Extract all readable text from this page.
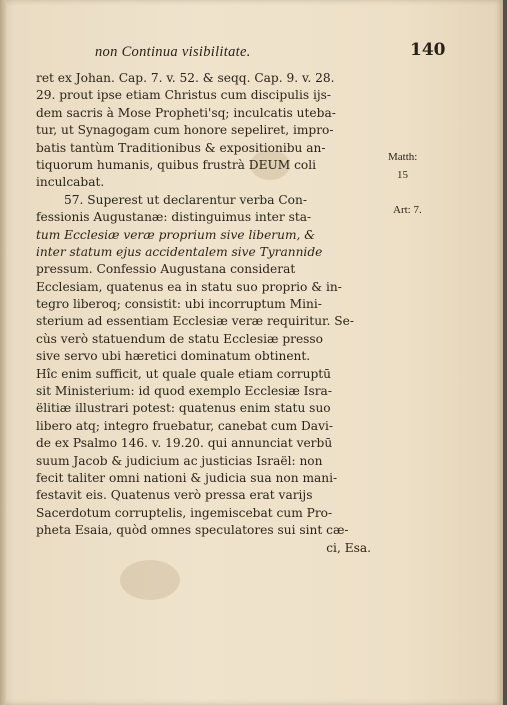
non Continua visibilitate.	140
ret ex Johan. Cap. 7. v. 52. & seqq. Cap. 9. v. 28.
29. prout ipse etiam Christus cum discipulis ijs-
dem sacris à Mose Propheti'sq; inculcatis uteba-
tur, ut Synagogam cum honore sepeliret, impro-
batis tantùm Traditionibus & expositionibu an-
tiquorum humanis, quibus frustrà DEUM coli
inculcabat.
57. Superest ut declarentur verba Con-
fessionis Augustanæ: distinguimus inter sta-
tum Ecclesiæ veræ proprium sive liberum, &
inter statum ejus accidentalem sive Tyrannide
pressum. Confessio Augustana considerat
Ecclesiam, quatenus ea in statu suo proprio & in-
tegro liberoq; consistit: ubi incorruptum Mini-
sterium ad essentiam Ecclesiæ veræ requiritur. Se-
cùs verò statuendum de statu Ecclesiæ presso
sive servo ubi hæretici dominatum obtinent.
Hîc enim sufficit, ut quale quale etiam corruptū
sit Ministerium: id quod exemplo Ecclesiæ Isra-
ëlitiæ illustrari potest: quatenus enim statu suo
libero atq; integro fruebatur, canebat cum Davi-
de ex Psalmo 146. v. 19.20. qui annunciat verbū
suum Jacob & judicium ac justicias Israël: non
fecit taliter omni nationi & judicia sua non mani-
festavit eis. Quatenus verò pressa erat varijs
Sacerdotum corruptelis, ingemiscebat cum Pro-
pheta Esaia, quòd omnes speculatores sui sint cæ-
ci, Esa.
Matth:
15
Art: 7.
